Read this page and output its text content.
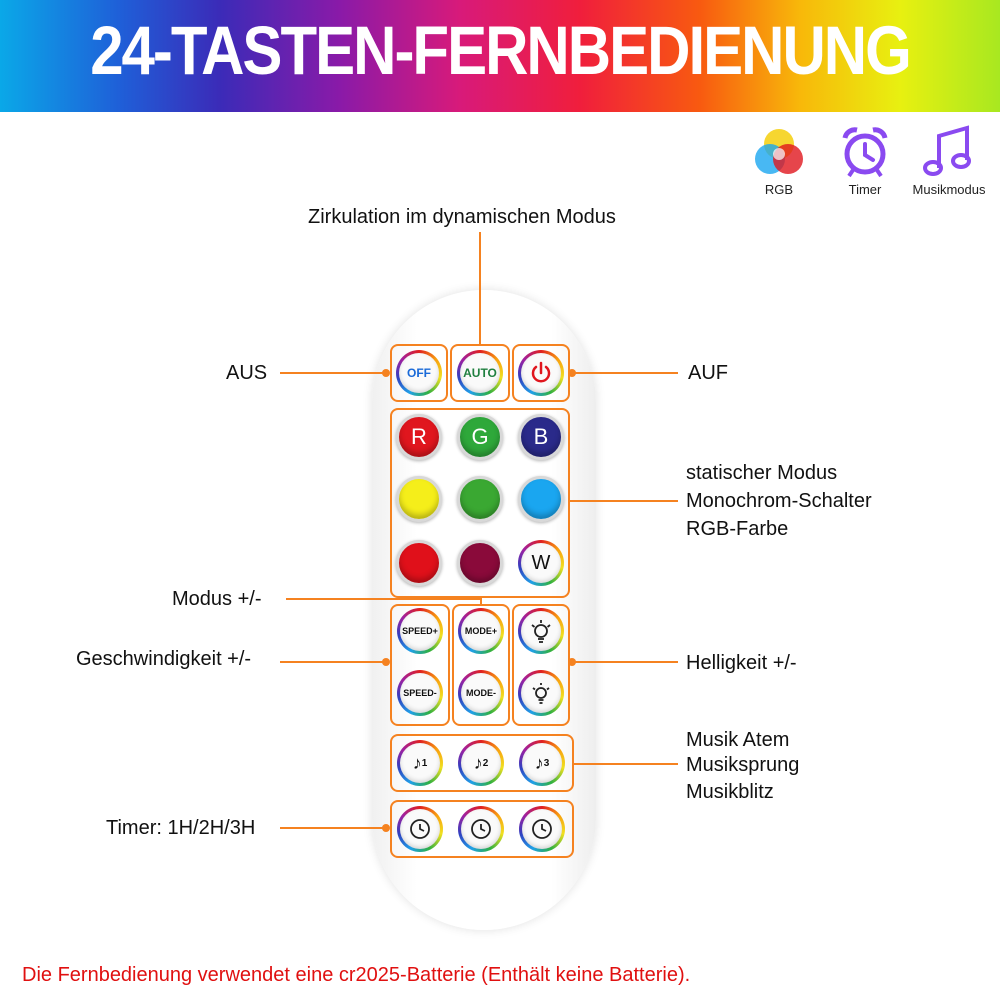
24-TASTEN-FERNBEDIENUNG
RGB	Timer	Musikmodus
OFF	AUTO
R G B
W
SPEED+
SPEED-
MODE+
MODE-
♪ 1	♪ 2	♪ 3
Zirkulation im dynamischen Modus
AUS	AUF
statischer Modus
Monochrom-Schalter
RGB-Farbe
Modus +/-
Geschwindigkeit +/-	Helligkeit +/-
Musik Atem
Musiksprung
Musikblitz
Timer: 1H/2H/3H
Die Fernbedienung verwendet eine cr2025-Batterie (Enthält keine Batterie).
